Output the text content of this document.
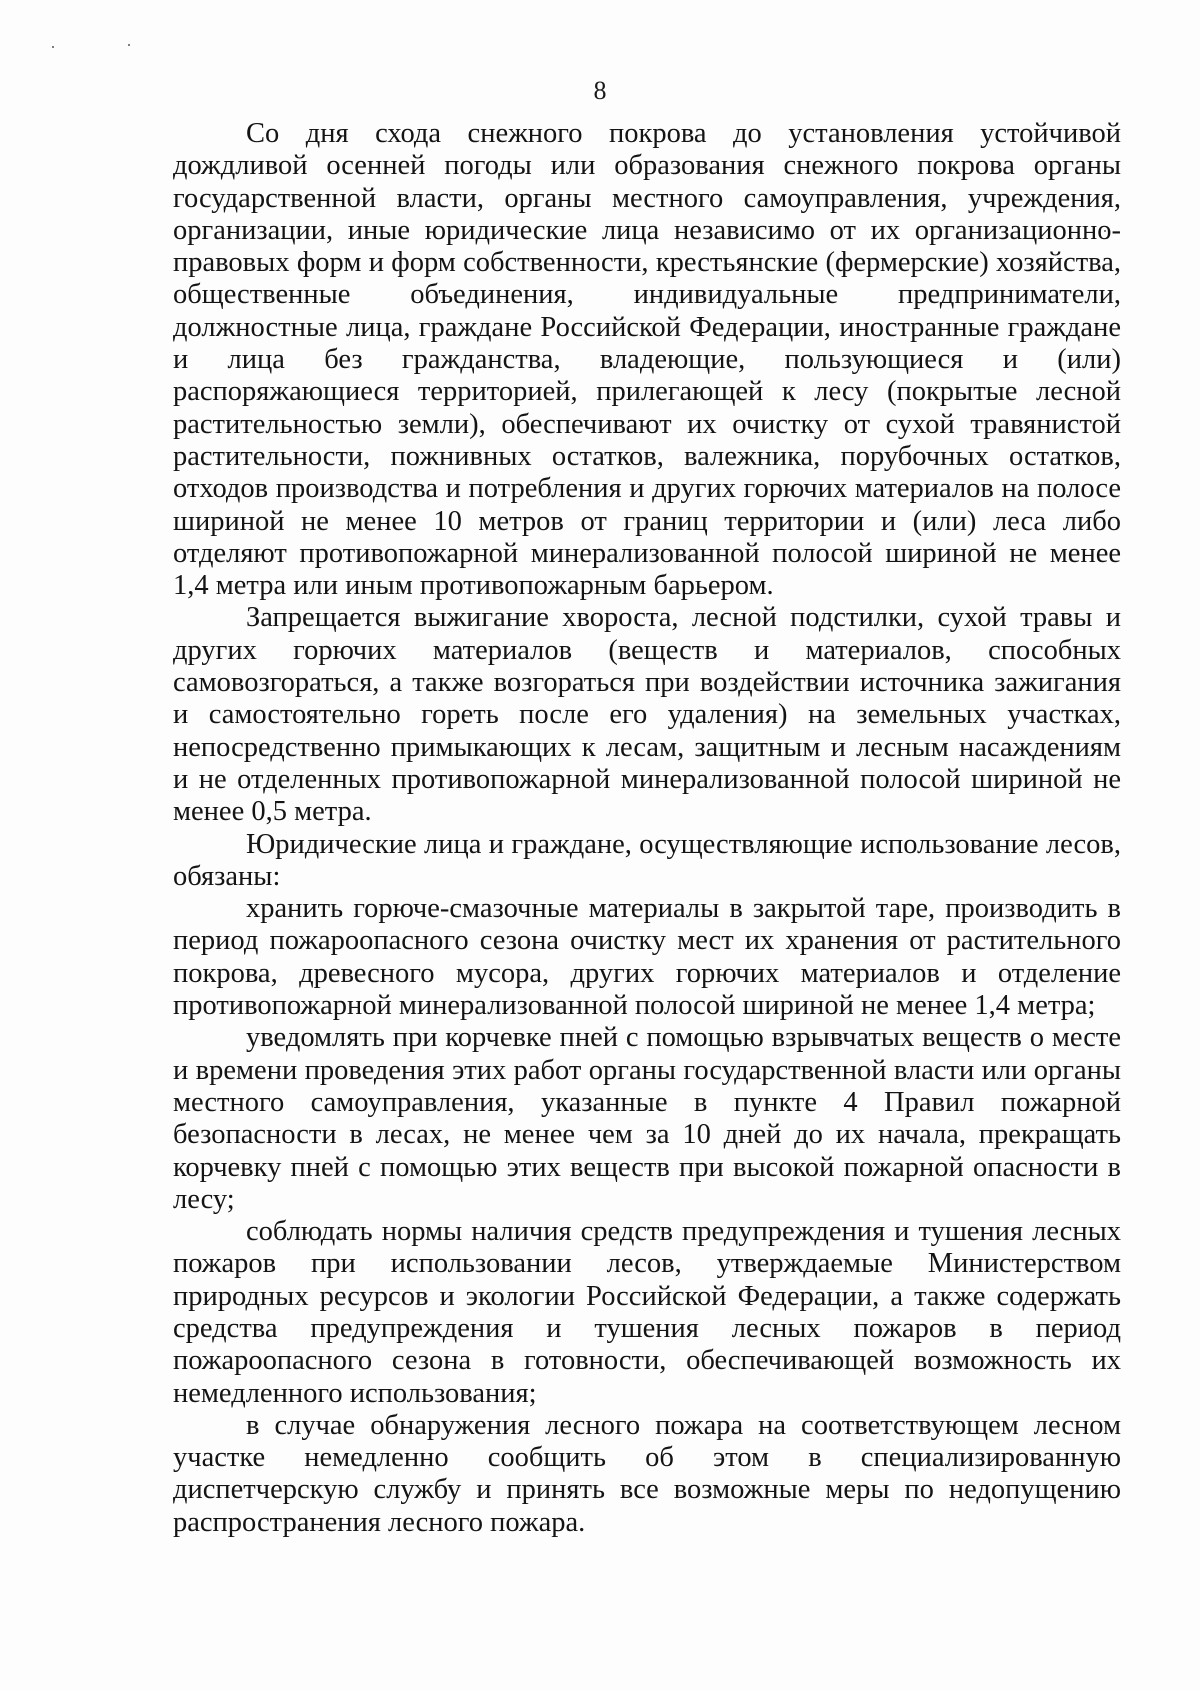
8

Со дня схода снежного покрова до установления устойчивой дождливой осенней погоды или образования снежного покрова органы государственной власти, органы местного самоуправления, учреждения, организации, иные юридические лица независимо от их организационно-правовых форм и форм собственности, крестьянские (фермерские) хозяйства, общественные объединения, индивидуальные предприниматели, должностные лица, граждане Российской Федерации, иностранные граждане и лица без гражданства, владеющие, пользующиеся и (или) распоряжающиеся территорией, прилегающей к лесу (покрытые лесной растительностью земли), обеспечивают их очистку от сухой травянистой растительности, пожнивных остатков, валежника, порубочных остатков, отходов производства и потребления и других горючих материалов на полосе шириной не менее 10 метров от границ территории и (или) леса либо отделяют противопожарной минерализованной полосой шириной не менее 1,4 метра или иным противопожарным барьером.

Запрещается выжигание хвороста, лесной подстилки, сухой травы и других горючих материалов (веществ и материалов, способных самовозгораться, а также возгораться при воздействии источника зажигания и самостоятельно гореть после его удаления) на земельных участках, непосредственно примыкающих к лесам, защитным и лесным насаждениям и не отделенных противопожарной минерализованной полосой шириной не менее 0,5 метра.

Юридические лица и граждане, осуществляющие использование лесов, обязаны:

хранить горюче-смазочные материалы в закрытой таре, производить в период пожароопасного сезона очистку мест их хранения от растительного покрова, древесного мусора, других горючих материалов и отделение противопожарной минерализованной полосой шириной не менее 1,4 метра;

уведомлять при корчевке пней с помощью взрывчатых веществ о месте и времени проведения этих работ органы государственной власти или органы местного самоуправления, указанные в пункте 4 Правил пожарной безопасности в лесах, не менее чем за 10 дней до их начала, прекращать корчевку пней с помощью этих веществ при высокой пожарной опасности в лесу;

соблюдать нормы наличия средств предупреждения и тушения лесных пожаров при использовании лесов, утверждаемые Министерством природных ресурсов и экологии Российской Федерации, а также содержать средства предупреждения и тушения лесных пожаров в период пожароопасного сезона в готовности, обеспечивающей возможность их немедленного использования;

в случае обнаружения лесного пожара на соответствующем лесном участке немедленно сообщить об этом в специализированную диспетчерскую службу и принять все возможные меры по недопущению распространения лесного пожара.
